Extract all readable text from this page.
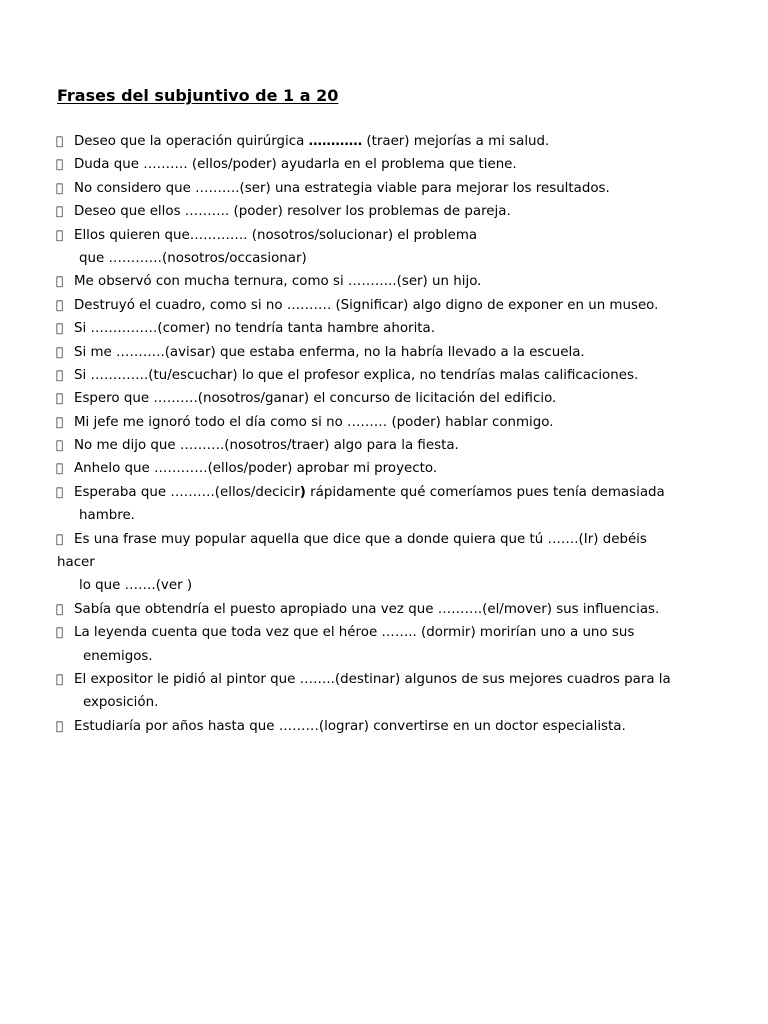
Frases del subjuntivo de 1 a 20
Deseo que la operación quirúrgica ………… (traer) mejorías a mi salud.
Duda que ………. (ellos/poder) ayudarla en el problema que tiene.
No considero que ……….(ser) una estrategia viable para mejorar los resultados.
Deseo que ellos ………. (poder) resolver los problemas de pareja.
Ellos quieren que…………. (nosotros/solucionar) el problema
que …………(nosotros/occasionar)
Me observó con mucha ternura, como si ………..(ser) un hijo.
Destruyó el cuadro, como si no ………. (Significar) algo digno de exponer en un museo.
Si ……………(comer) no tendría tanta hambre ahorita.
Si me ………..(avisar) que estaba enferma, no la habría llevado a la escuela.
Si ………….(tu/escuchar) lo que el profesor explica, no tendrías malas calificaciones.
Espero que ……….(nosotros/ganar) el concurso de licitación del edificio.
Mi jefe me ignoró todo el día como si no ……… (poder) hablar conmigo.
No me dijo que ……….(nosotros/traer) algo para la fiesta.
Anhelo que …………(ellos/poder) aprobar mi proyecto.
Esperaba que ……….(ellos/decicir) rápidamente qué comeríamos pues tenía demasiada
hambre.
Es una frase muy popular aquella que dice que a donde quiera que tú …….(Ir) debéis
hacer
lo que …….(ver )
Sabía que obtendría el puesto apropiado una vez que ……….(el/mover) sus influencias.
La leyenda cuenta que toda vez que el héroe …….. (dormir) morirían uno a uno sus
enemigos.
El expositor le pidió al pintor que ……..(destinar) algunos de sus mejores cuadros para la
exposición.
Estudiaría por años hasta que ………(lograr) convertirse en un doctor especialista.
